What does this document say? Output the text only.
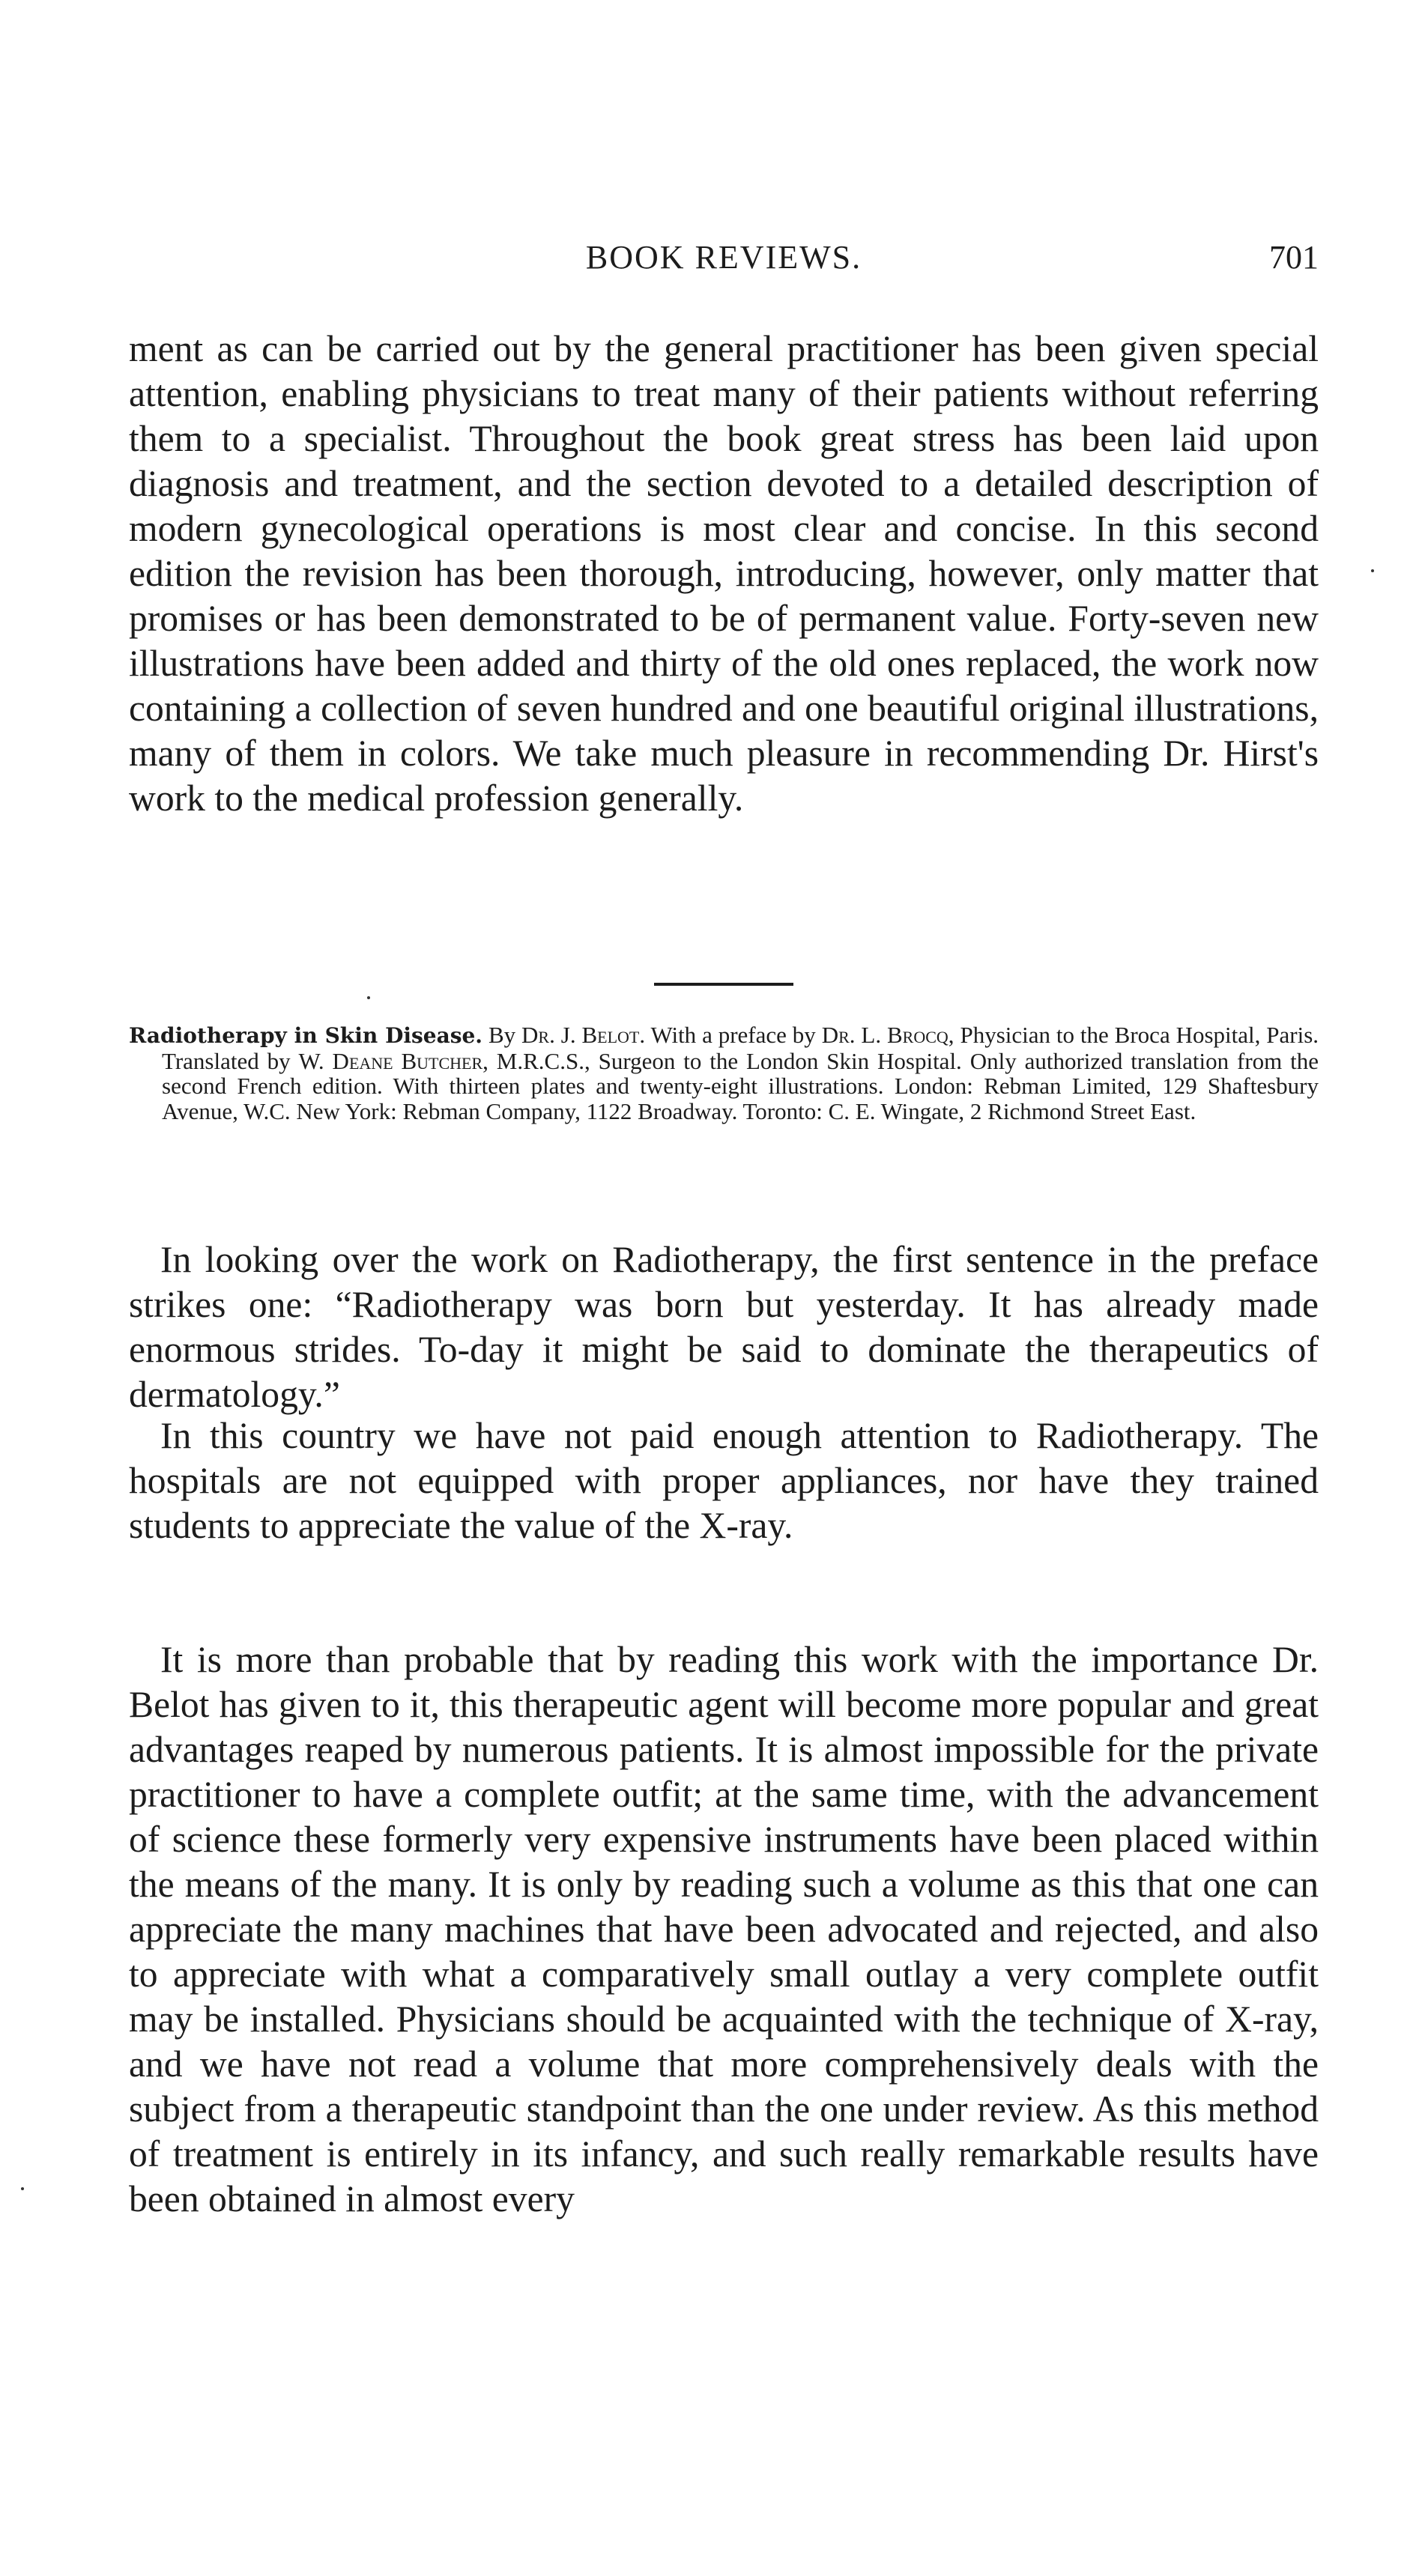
BOOK REVIEWS.	701

ment as can be carried out by the general practitioner has been given special attention, enabling physicians to treat many of their patients without referring them to a specialist. Throughout the book great stress has been laid upon diagnosis and treatment, and the section devoted to a detailed description of modern gynecological operations is most clear and concise. In this second edition the revision has been thorough, introducing, however, only matter that promises or has been demonstrated to be of permanent value. Forty-seven new illustrations have been added and thirty of the old ones replaced, the work now containing a collection of seven hundred and one beautiful original illustrations, many of them in colors. We take much pleasure in recommending Dr. Hirst's work to the medical profession generally.

Radiotherapy in Skin Disease. By Dr. J. Belot. With a preface by Dr. L. Brocq, Physician to the Broca Hospital, Paris. Translated by W. Deane Butcher, M.R.C.S., Surgeon to the London Skin Hospital. Only authorized translation from the second French edition. With thirteen plates and twenty-eight illustrations. London: Rebman Limited, 129 Shaftesbury Avenue, W.C. New York: Rebman Company, 1122 Broadway. Toronto: C. E. Wingate, 2 Richmond Street East.

In looking over the work on Radiotherapy, the first sentence in the preface strikes one: “Radiotherapy was born but yesterday. It has already made enormous strides. To-day it might be said to dominate the therapeutics of dermatology.”

In this country we have not paid enough attention to Radiotherapy. The hospitals are not equipped with proper appliances, nor have they trained students to appreciate the value of the X-ray.

It is more than probable that by reading this work with the importance Dr. Belot has given to it, this therapeutic agent will become more popular and great advantages reaped by numerous patients. It is almost impossible for the private practitioner to have a complete outfit; at the same time, with the advancement of science these formerly very expensive instruments have been placed within the means of the many. It is only by reading such a volume as this that one can appreciate the many machines that have been advocated and rejected, and also to appreciate with what a comparatively small outlay a very complete outfit may be installed. Physicians should be acquainted with the technique of X-ray, and we have not read a volume that more comprehensively deals with the subject from a therapeutic standpoint than the one under review. As this method of treatment is entirely in its infancy, and such really remarkable results have been obtained in almost every
